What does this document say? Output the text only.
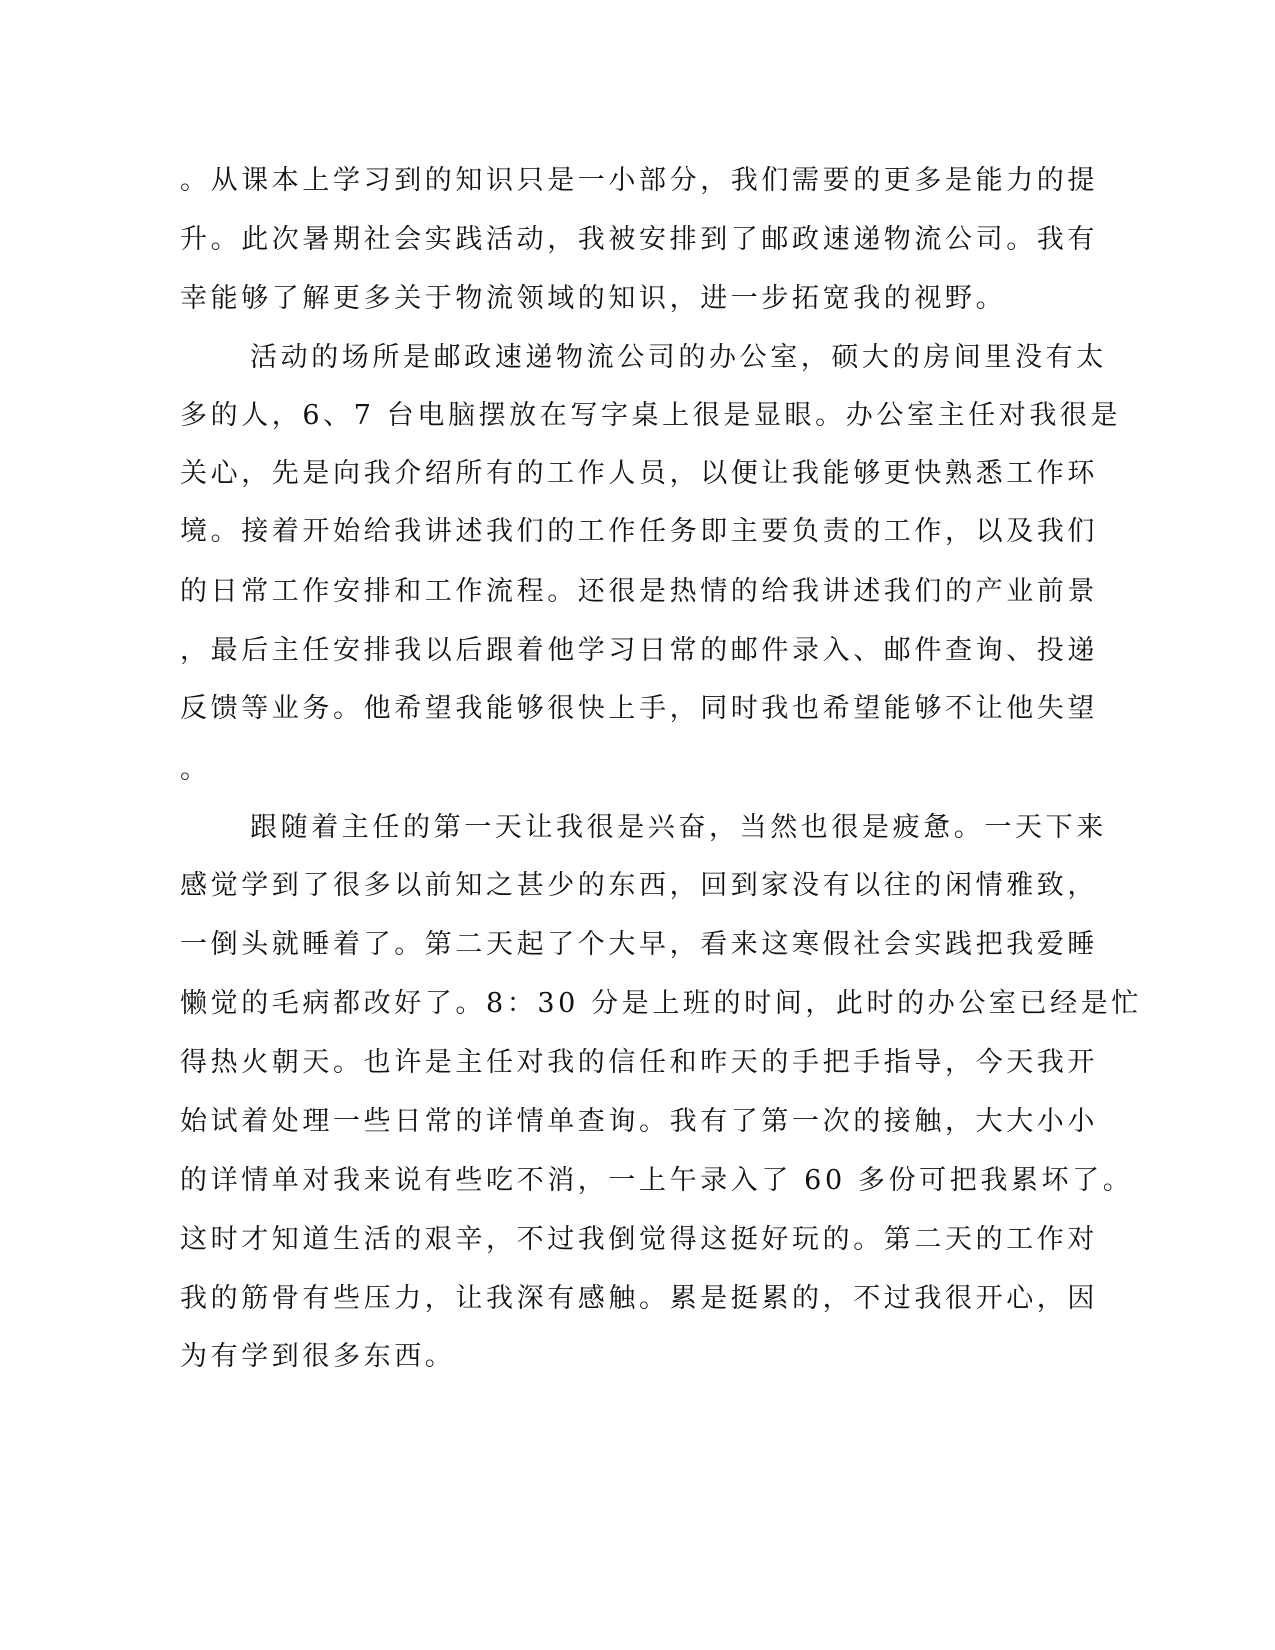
。从课本上学习到的知识只是一小部分，我们需要的更多是能力的提
升。此次暑期社会实践活动，我被安排到了邮政速递物流公司。我有
幸能够了解更多关于物流领域的知识，进一步拓宽我的视野。
活动的场所是邮政速递物流公司的办公室，硕大的房间里没有太
多的人，6、7 台电脑摆放在写字桌上很是显眼。办公室主任对我很是
关心，先是向我介绍所有的工作人员，以便让我能够更快熟悉工作环
境。接着开始给我讲述我们的工作任务即主要负责的工作，以及我们
的日常工作安排和工作流程。还很是热情的给我讲述我们的产业前景
，最后主任安排我以后跟着他学习日常的邮件录入、邮件查询、投递
反馈等业务。他希望我能够很快上手，同时我也希望能够不让他失望
。
跟随着主任的第一天让我很是兴奋，当然也很是疲惫。一天下来
感觉学到了很多以前知之甚少的东西，回到家没有以往的闲情雅致，
一倒头就睡着了。第二天起了个大早，看来这寒假社会实践把我爱睡
懒觉的毛病都改好了。8：30 分是上班的时间，此时的办公室已经是忙
得热火朝天。也许是主任对我的信任和昨天的手把手指导，今天我开
始试着处理一些日常的详情单查询。我有了第一次的接触，大大小小
的详情单对我来说有些吃不消，一上午录入了 60 多份可把我累坏了。
这时才知道生活的艰辛，不过我倒觉得这挺好玩的。第二天的工作对
我的筋骨有些压力，让我深有感触。累是挺累的，不过我很开心，因
为有学到很多东西。
